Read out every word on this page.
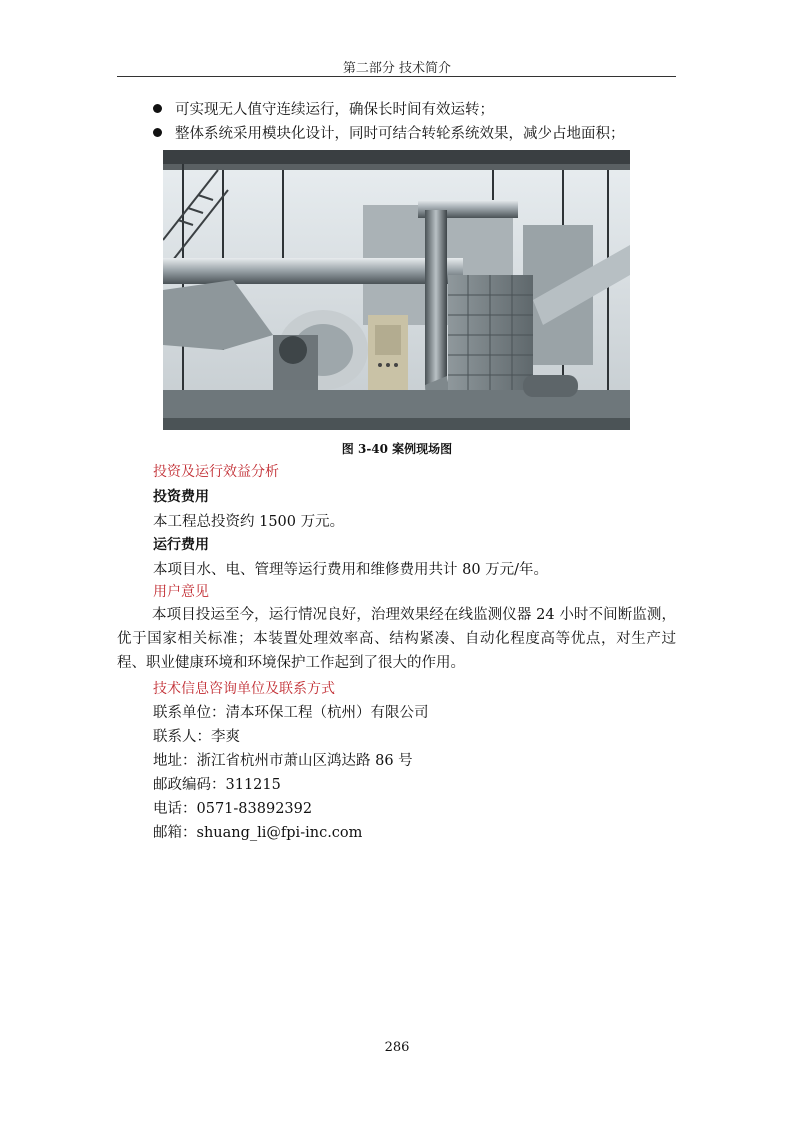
第二部分 技术简介
可实现无人值守连续运行，确保长时间有效运转；
整体系统采用模块化设计，同时可结合转轮系统效果，减少占地面积；
图 3-40 案例现场图
投资及运行效益分析
投资费用
本工程总投资约 1500 万元。
运行费用
本项目水、电、管理等运行费用和维修费用共计 80 万元/年。
用户意见
本项目投运至今，运行情况良好，治理效果经在线监测仪器 24 小时不间断监测，优于国家相关标准；本装置处理效率高、结构紧凑、自动化程度高等优点，对生产过程、职业健康环境和环境保护工作起到了很大的作用。
技术信息咨询单位及联系方式
联系单位：清本环保工程（杭州）有限公司
联系人：李爽
地址：浙江省杭州市萧山区鸿达路 86 号
邮政编码：311215
电话：0571-83892392
邮箱：shuang_li@fpi-inc.com
286
